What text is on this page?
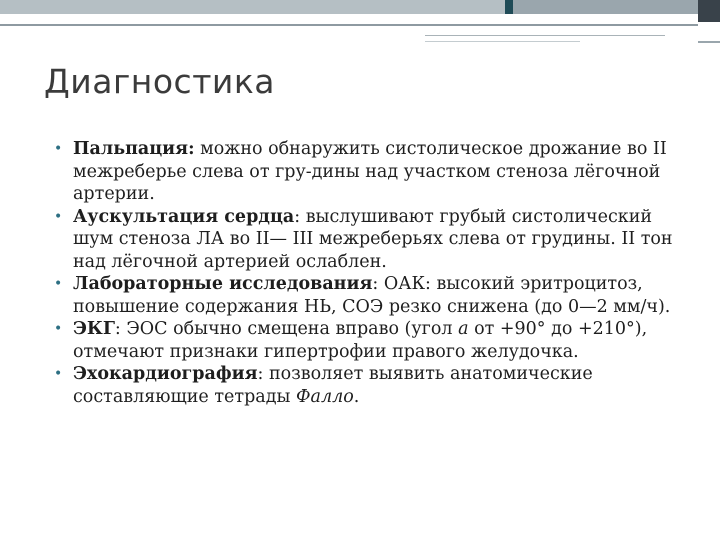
Диагностика
• Пальпация: можно обнаружить систолическое дрожание во II межреберье слева от гру-дины над участком стеноза лёгочной артерии.
• Аускультация сердца: выслушивают грубый систолический шум стеноза ЛА во II— III межреберьях слева от грудины. II тон над лёгочной артерией ослаблен.
• Лабораторные исследования: ОАК: высокий эритроцитоз, повышение содержания НЬ, СОЭ резко снижена (до 0—2 мм/ч).
• ЭКГ: ЭОС обычно смещена вправо (угол а от +90° до +210°), отмечают признаки гипертрофии правого желудочка.
• Эхокардиография: позволяет выявить анатомические составляющие тетрады Фалло.
